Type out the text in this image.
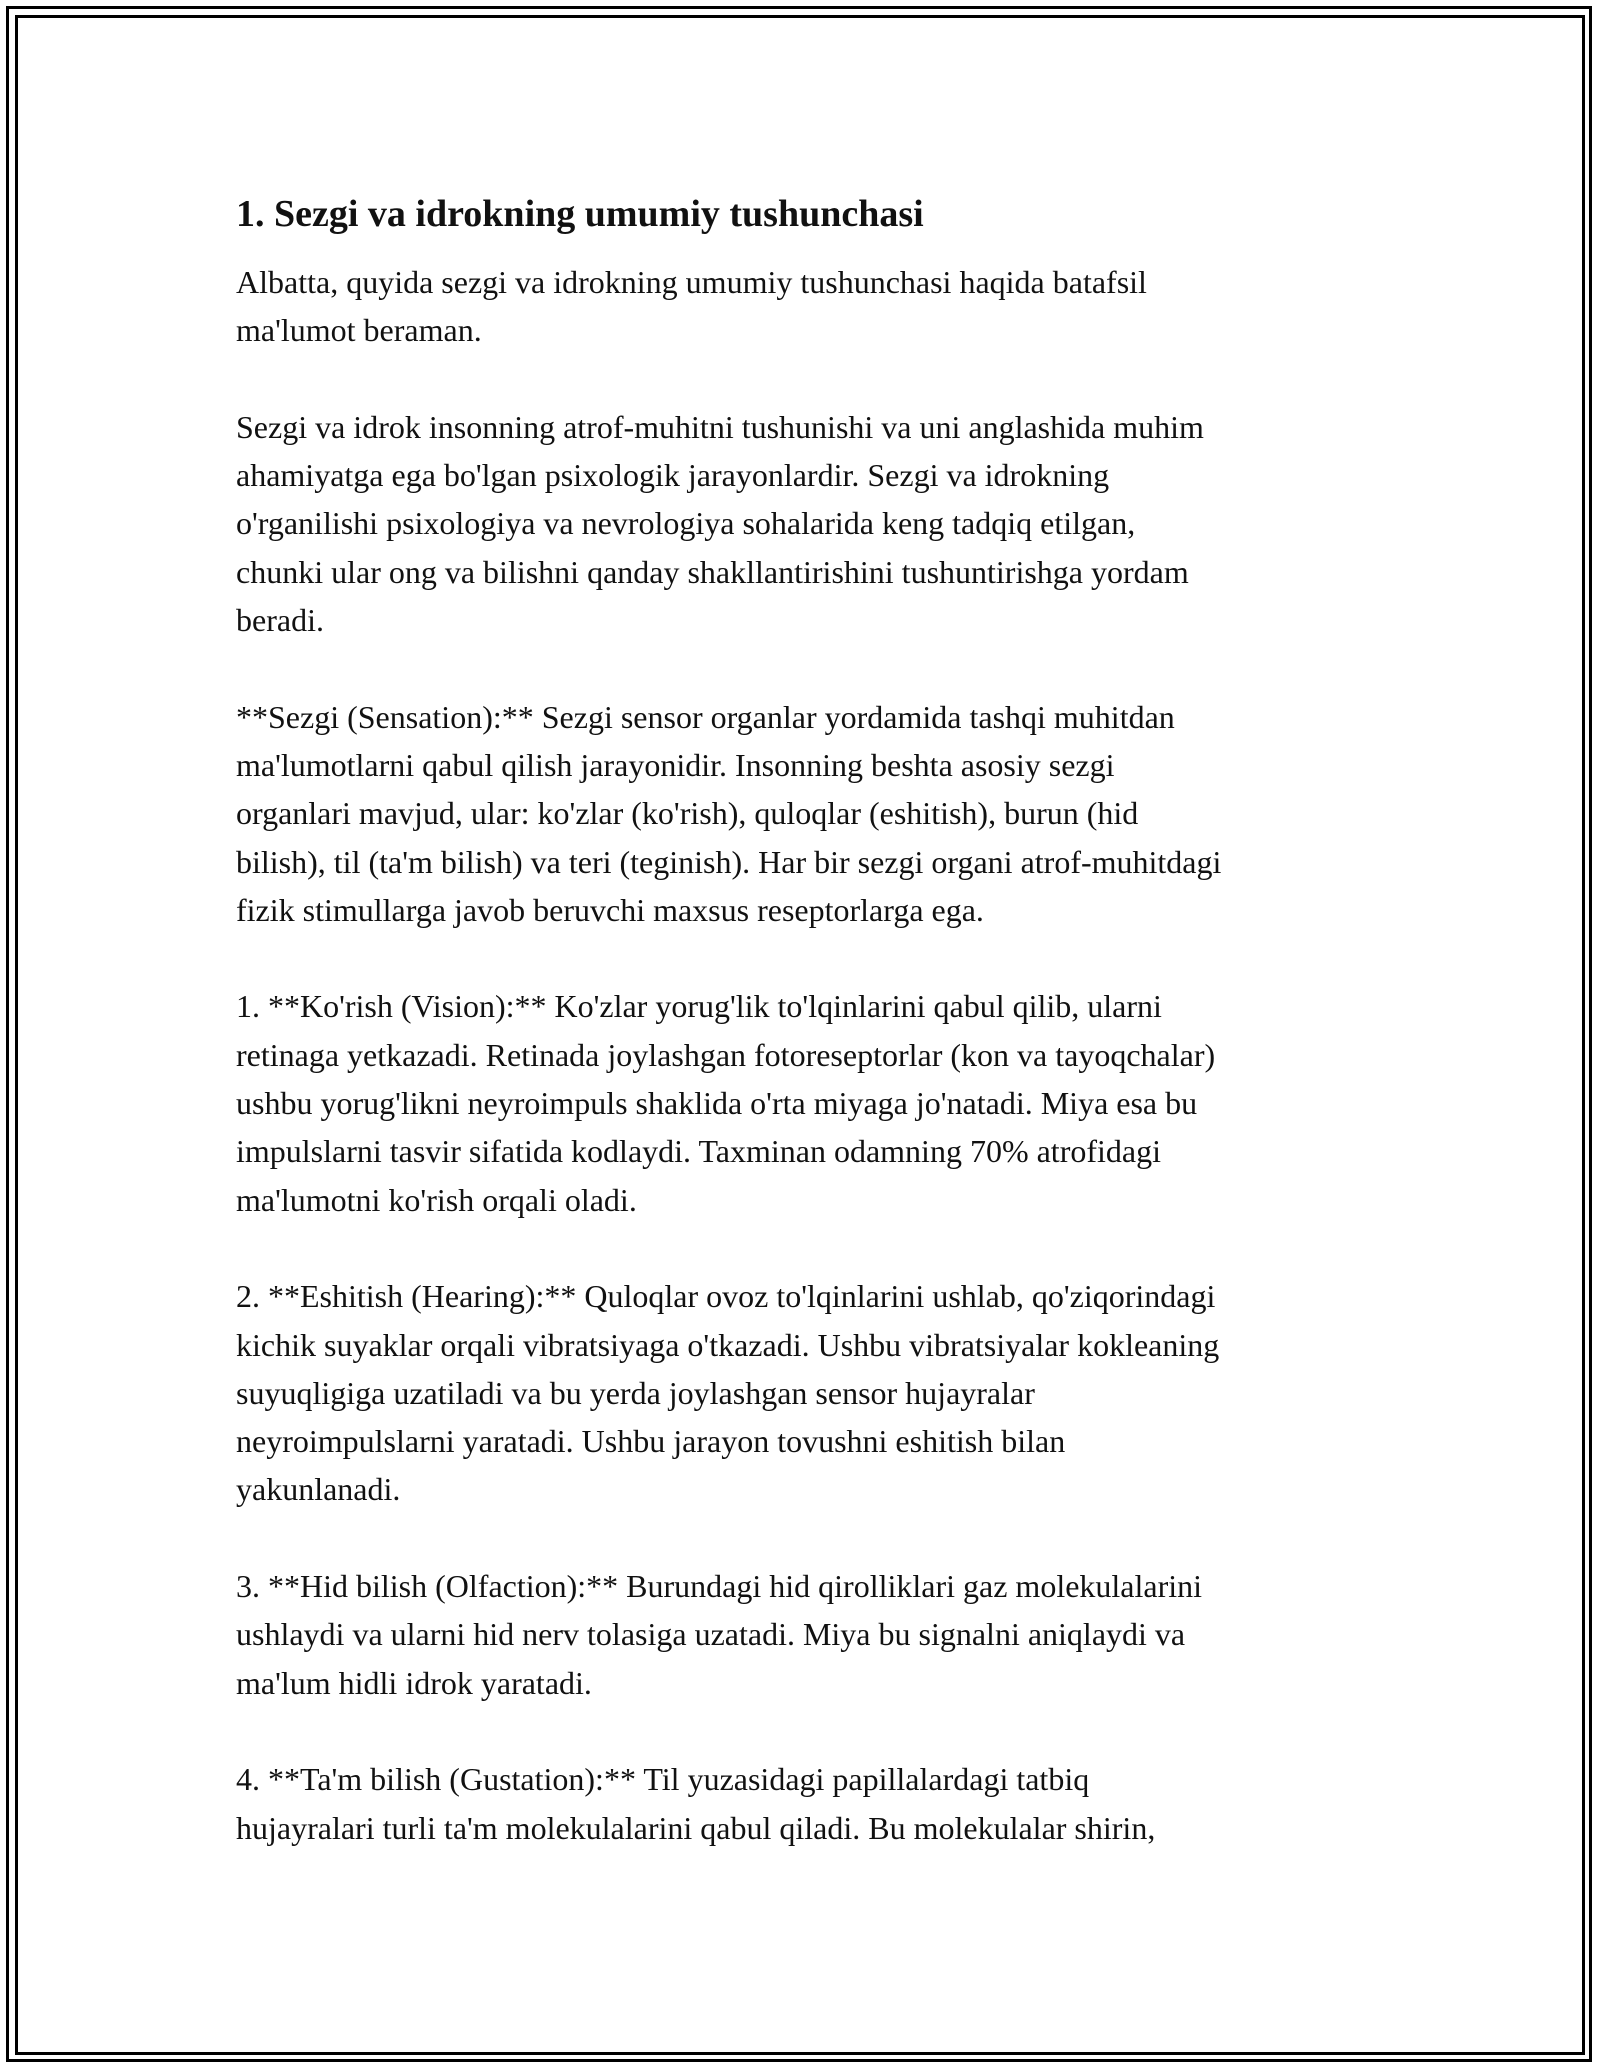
1. Sezgi va idrokning umumiy tushunchasi

Albatta, quyida sezgi va idrokning umumiy tushunchasi haqida batafsil
ma'lumot beraman.

Sezgi va idrok insonning atrof-muhitni tushunishi va uni anglashida muhim
ahamiyatga ega bo'lgan psixologik jarayonlardir. Sezgi va idrokning
o'rganilishi psixologiya va nevrologiya sohalarida keng tadqiq etilgan,
chunki ular ong va bilishni qanday shakllantirishini tushuntirishga yordam
beradi.

**Sezgi (Sensation):** Sezgi sensor organlar yordamida tashqi muhitdan
ma'lumotlarni qabul qilish jarayonidir. Insonning beshta asosiy sezgi
organlari mavjud, ular: ko'zlar (ko'rish), quloqlar (eshitish), burun (hid
bilish), til (ta'm bilish) va teri (teginish). Har bir sezgi organi atrof-muhitdagi
fizik stimullarga javob beruvchi maxsus reseptorlarga ega.

1. **Ko'rish (Vision):** Ko'zlar yorug'lik to'lqinlarini qabul qilib, ularni
retinaga yetkazadi. Retinada joylashgan fotoreseptorlar (kon va tayoqchalar)
ushbu yorug'likni neyroimpuls shaklida o'rta miyaga jo'natadi. Miya esa bu
impulslarni tasvir sifatida kodlaydi. Taxminan odamning 70% atrofidagi
ma'lumotni ko'rish orqali oladi.

2. **Eshitish (Hearing):** Quloqlar ovoz to'lqinlarini ushlab, qo'ziqorindagi
kichik suyaklar orqali vibratsiyaga o'tkazadi. Ushbu vibratsiyalar kokleaning
suyuqligiga uzatiladi va bu yerda joylashgan sensor hujayralar
neyroimpulslarni yaratadi. Ushbu jarayon tovushni eshitish bilan
yakunlanadi.

3. **Hid bilish (Olfaction):** Burundagi hid qirolliklari gaz molekulalarini
ushlaydi va ularni hid nerv tolasiga uzatadi. Miya bu signalni aniqlaydi va
ma'lum hidli idrok yaratadi.

4. **Ta'm bilish (Gustation):** Til yuzasidagi papillalardagi tatbiq
hujayralari turli ta'm molekulalarini qabul qiladi. Bu molekulalar shirin,
